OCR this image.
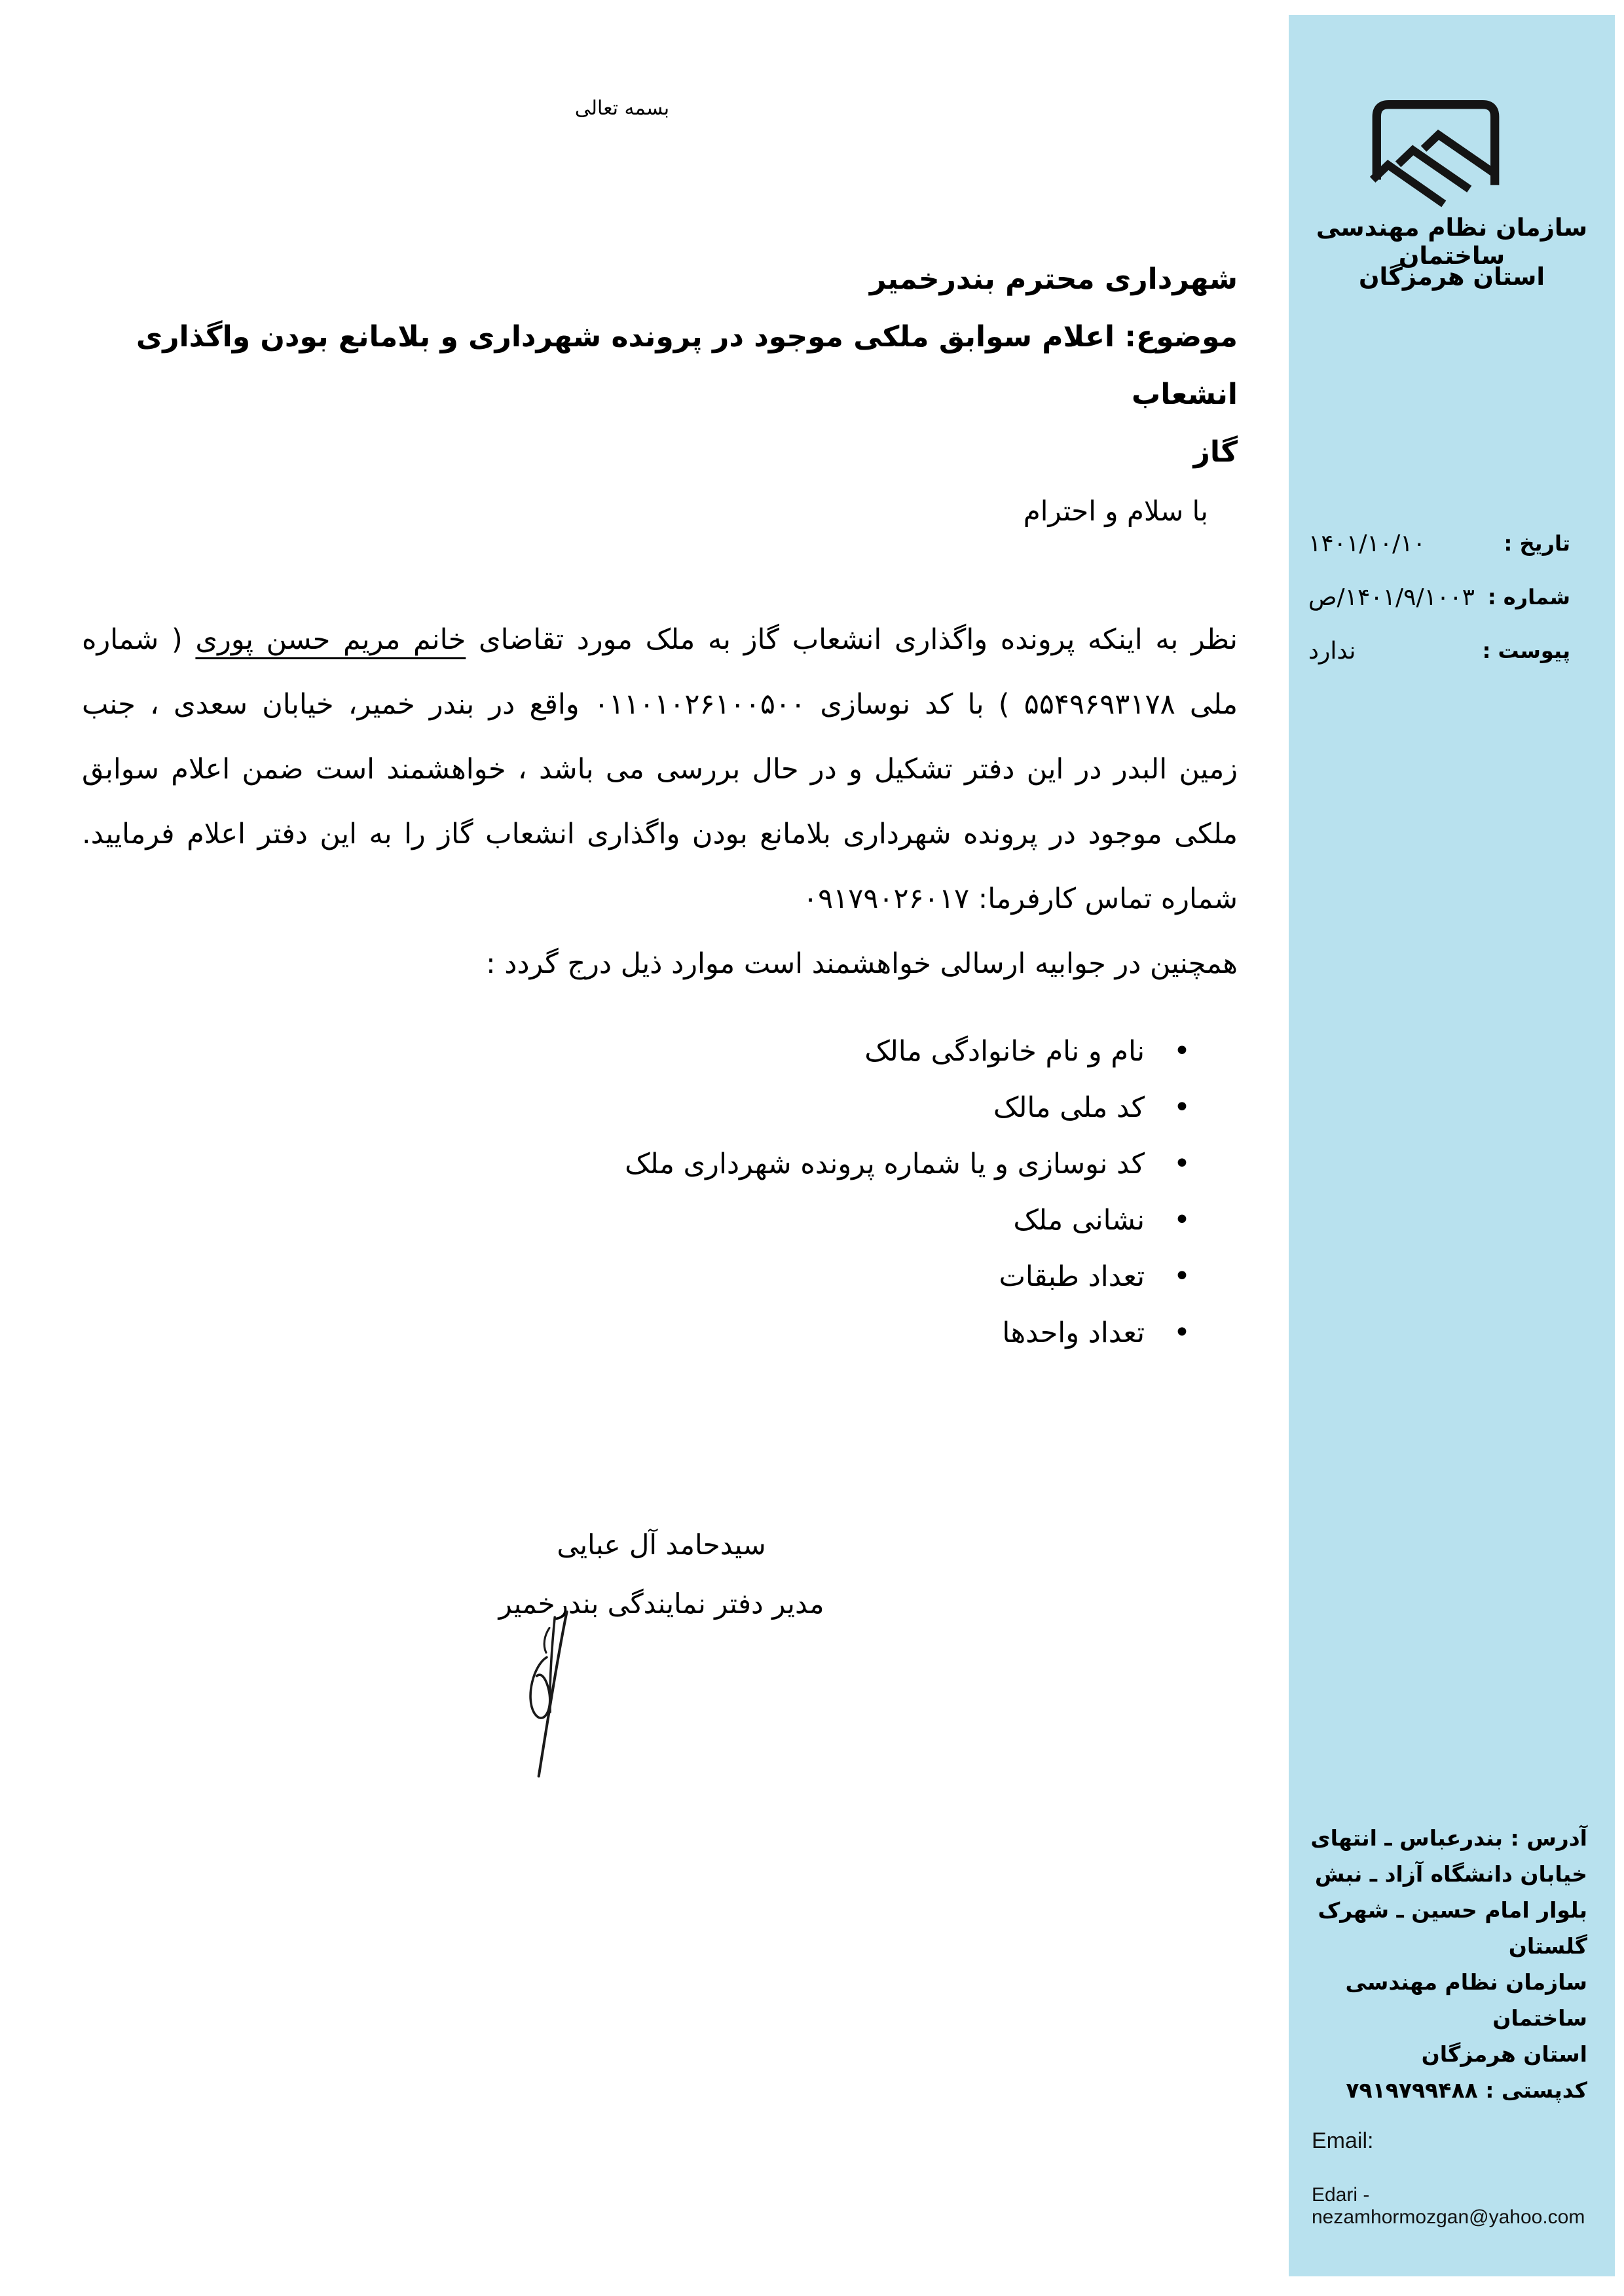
بسمه تعالی
سازمان نظام مهندسی ساختمان
استان هرمزگان
تاریخ :
۱۴۰۱/۱۰/۱۰
شماره :
۱۴۰۱/۹/۱۰۰۳/ص
پیوست :
ندارد
آدرس : بندرعباس ـ انتهای
خیابان دانشگاه آزاد ـ نبش
بلوار امام حسین ـ شهرک
گلستان
سازمان نظام مهندسی ساختمان
استان هرمزگان
کدپستی : ۷۹۱۹۷۹۹۴۸۸
Email:
Edari - nezamhormozgan@yahoo.com
شهرداری محترم بندرخمیر
موضوع: اعلام سوابق ملکی موجود در پرونده شهرداری و بلامانع بودن واگذاری انشعاب
گاز
با سلام و احترام
نظر به اینکه پرونده واگذاری انشعاب گاز به ملک مورد تقاضای خانم مریم حسن پوری ( شماره
ملی ۵۵۴۹۶۹۳۱۷۸ ) با کد نوسازی ۰۱۱۰۱۰۲۶۱۰۰۵۰۰ واقع در بندر خمیر، خیابان سعدی ، جنب
زمین البدر در این دفتر تشکیل و در حال بررسی می باشد ، خواهشمند است ضمن اعلام سوابق
ملکی موجود در پرونده شهرداری بلامانع بودن واگذاری انشعاب گاز را به این دفتر اعلام فرمایید.
شماره تماس کارفرما: ۰۹۱۷۹۰۲۶۰۱۷
همچنین در جوابیه ارسالی خواهشمند است موارد ذیل درج گردد :
•
نام و نام خانوادگی مالک
•
کد ملی مالک
•
کد نوسازی و یا شماره پرونده شهرداری ملک
•
نشانی ملک
•
تعداد طبقات
•
تعداد واحدها
سیدحامد آل عبایی
مدیر دفتر نمایندگی بندرخمیر
